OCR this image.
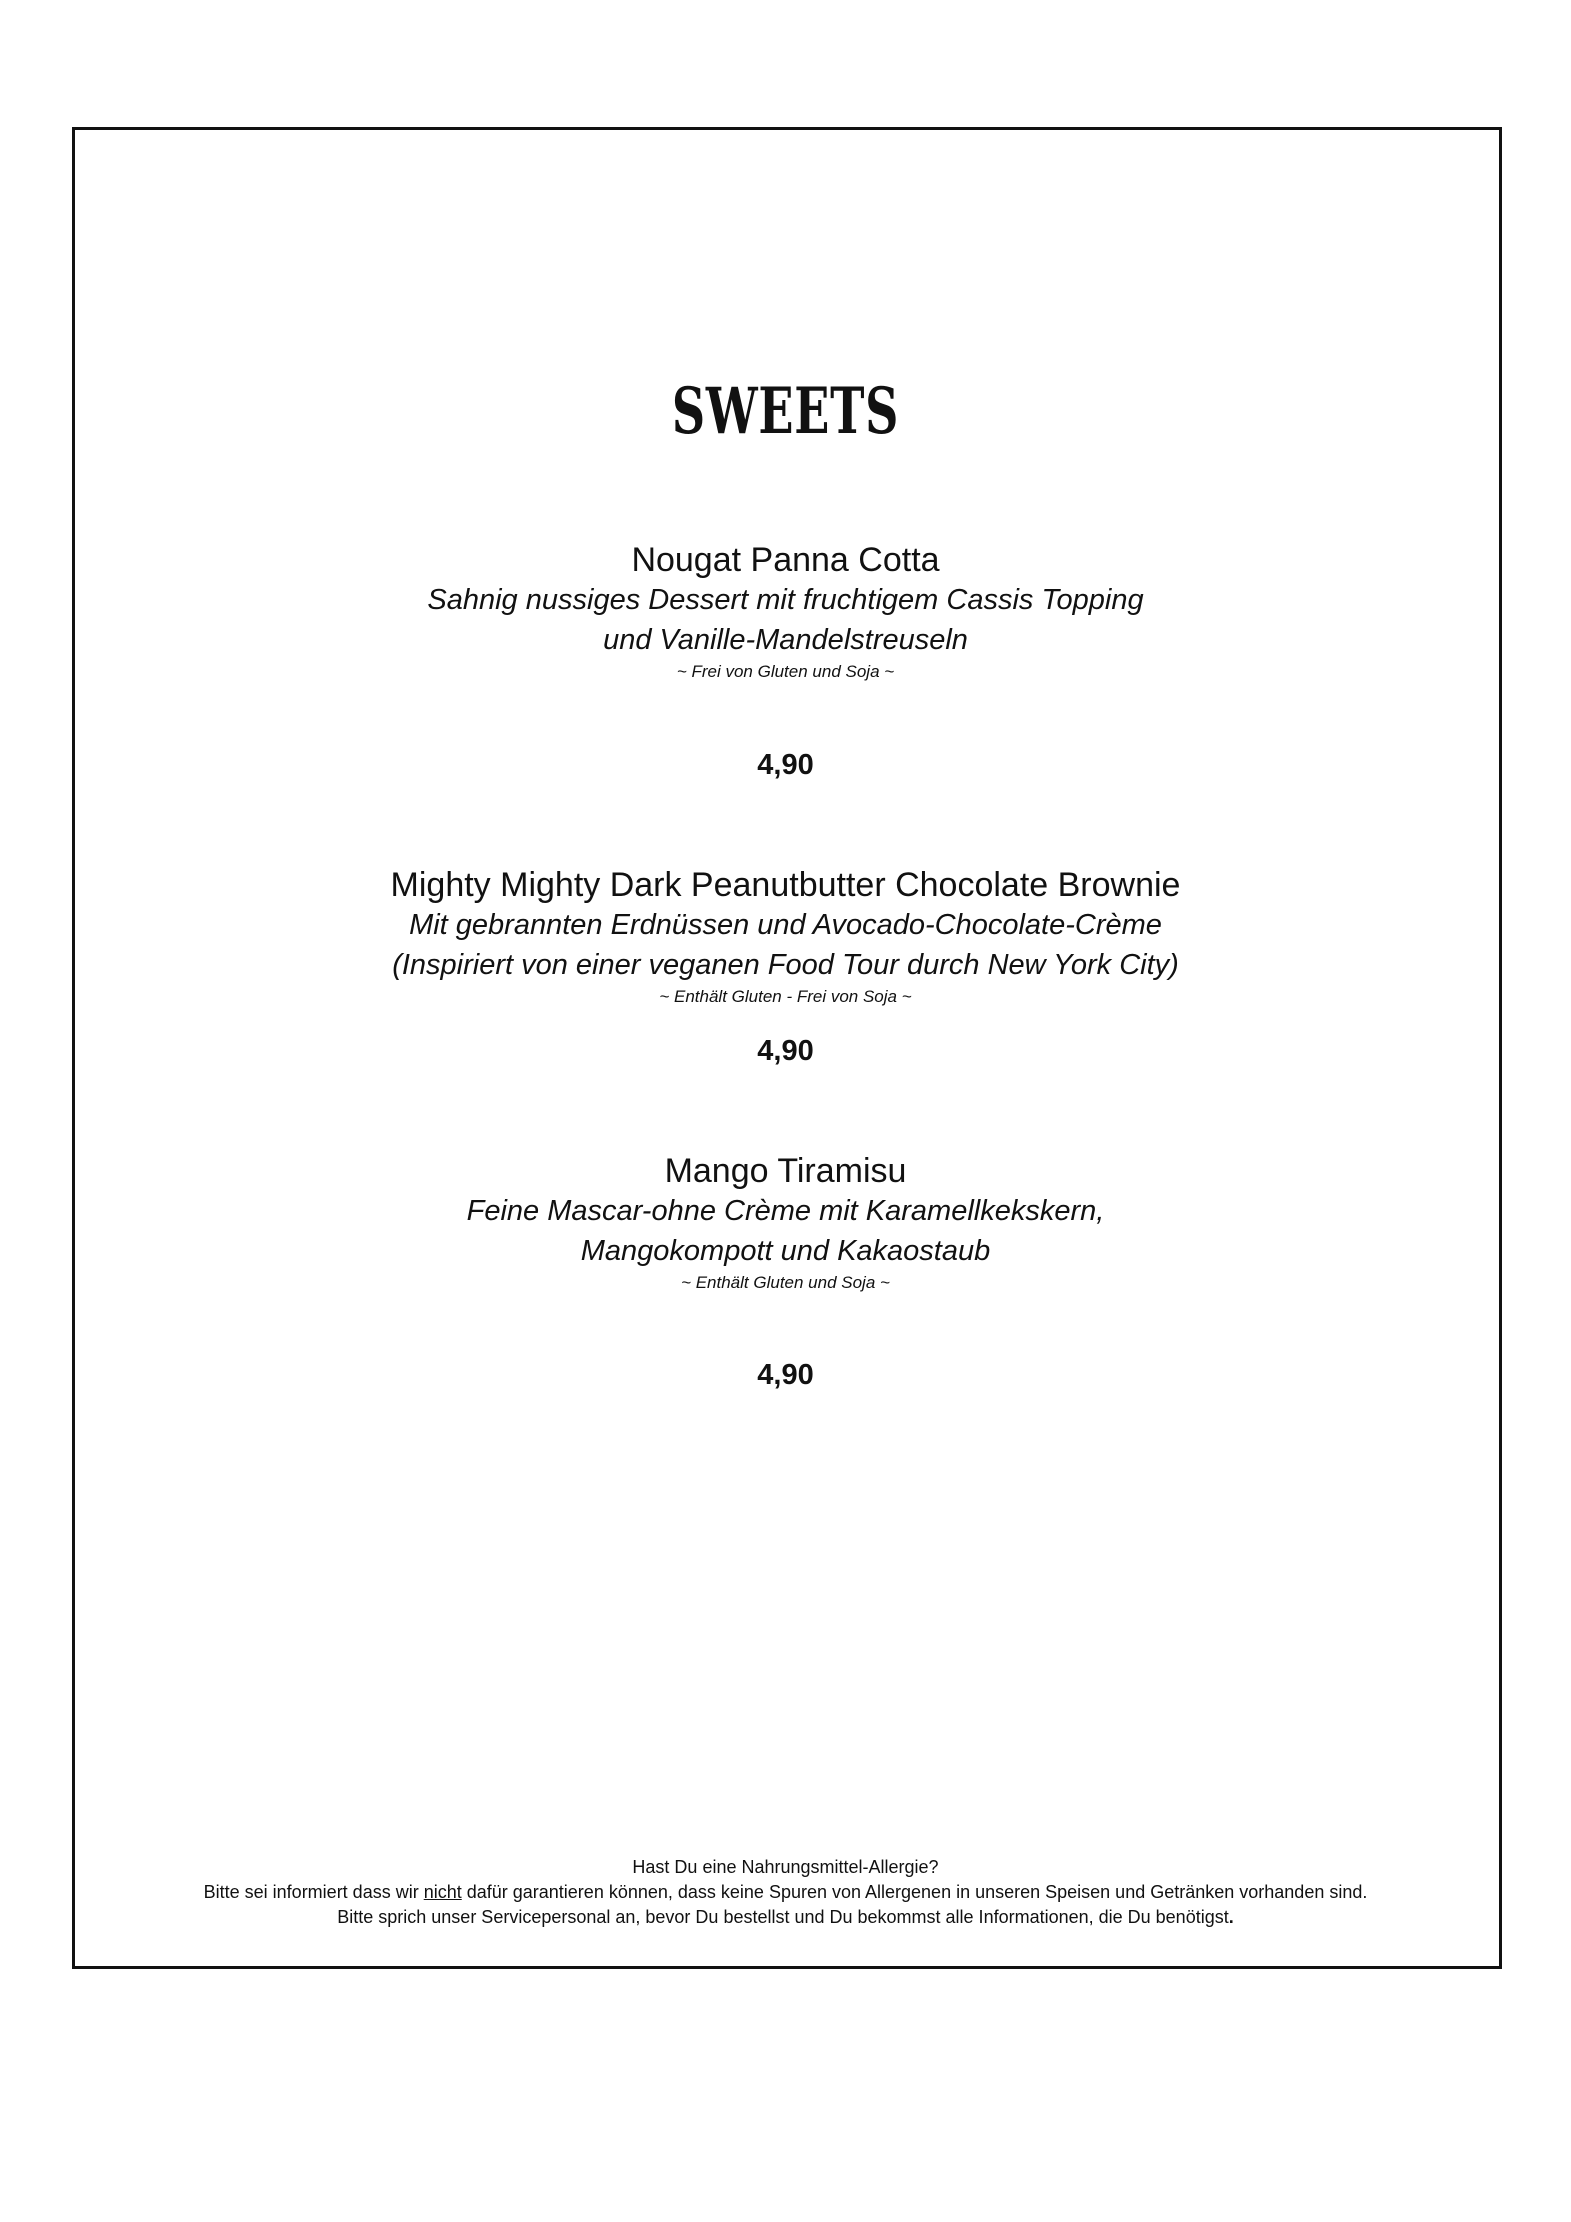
SWEETS
Nougat Panna Cotta
Sahnig nussiges Dessert mit fruchtigem Cassis Topping
und Vanille-Mandelstreuseln
~ Frei von Gluten und Soja ~
4,90
Mighty Mighty Dark Peanutbutter Chocolate Brownie
Mit gebrannten Erdnüssen und Avocado-Chocolate-Crème
(Inspiriert von einer veganen Food Tour durch New York City)
~ Enthält Gluten - Frei von Soja ~
4,90
Mango Tiramisu
Feine Mascar-ohne Crème mit Karamellkekskern,
Mangokompott und Kakaostaub
~ Enthält Gluten und Soja ~
4,90
Hast Du eine Nahrungsmittel-Allergie?
Bitte sei informiert dass wir nicht dafür garantieren können, dass keine Spuren von Allergenen in unseren Speisen und Getränken vorhanden sind.
Bitte sprich unser Servicepersonal an, bevor Du bestellst und Du bekommst alle Informationen, die Du benötigst.
